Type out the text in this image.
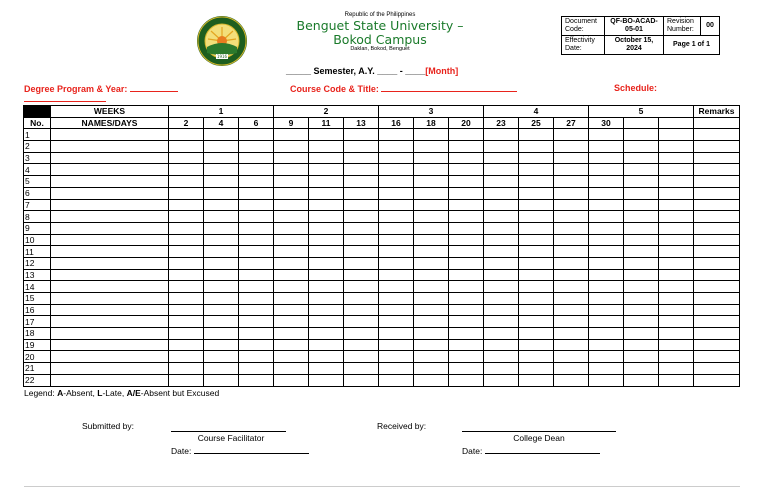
1916
Republic of the Philippines
Benguet State University – Bokod Campus
Daklan, Bokod, Benguet
Document Code:	QF-BO-ACAD-05-01	Revision Number:	00
Effectivity Date:	October 15, 2024	Page 1 of 1	
_____ Semester, A.Y. ____ - ____[Month]
Degree Program & Year:	Course Code & Title:	Schedule:
	WEEKS	1			2			3			4			5			Remarks
No.	NAMES/DAYS	2	4	6	9	11	13	16	18	20	23	25	27	30			
1																	
2																	
3																	
4																	
5																	
6																	
7																	
8																	
9																	
10																	
11																	
12																	
13																	
14																	
15																	
16																	
17																	
18																	
19																	
20																	
21																	
22																	
Legend: A-Absent, L-Late, A/E-Absent but Excused
Submitted by:
Course Facilitator
Date:
Received by:
College Dean
Date:
